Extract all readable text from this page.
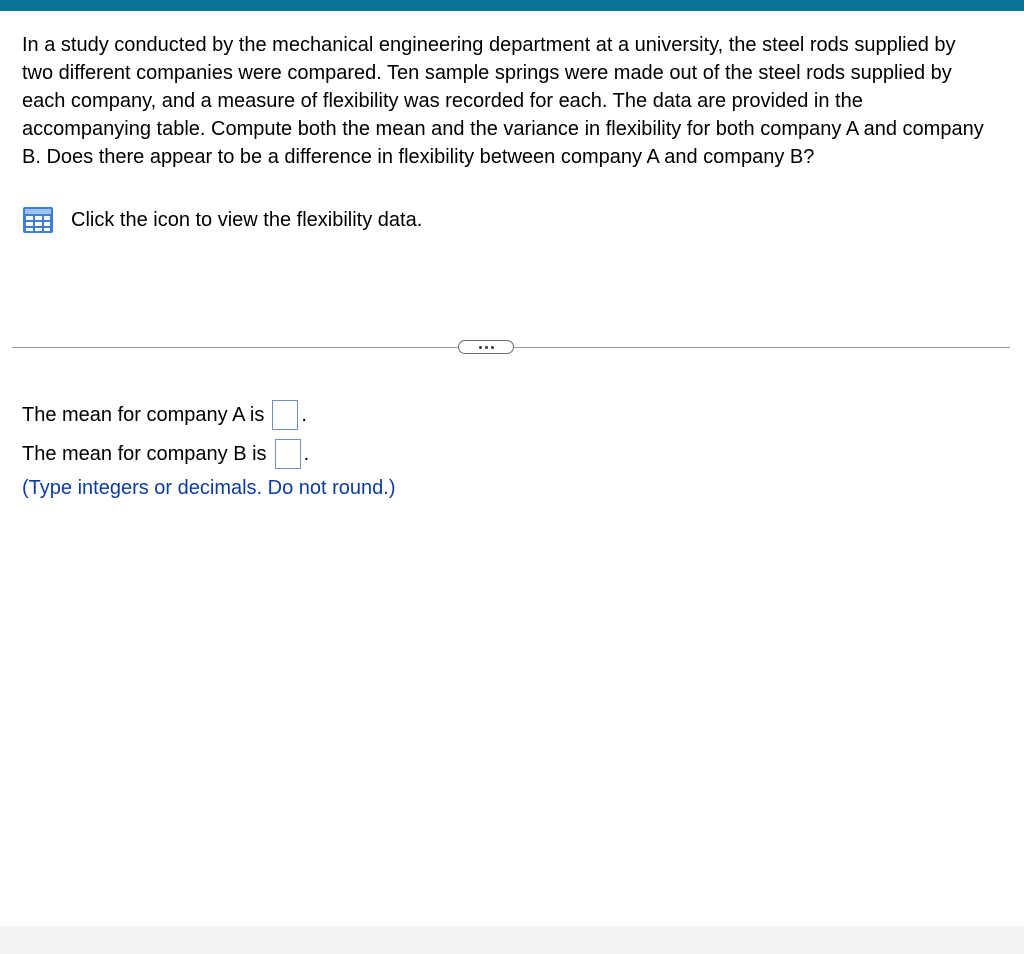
In a study conducted by the mechanical engineering department at a university, the steel rods supplied by two different companies were compared. Ten sample springs were made out of the steel rods supplied by each company, and a measure of flexibility was recorded for each. The data are provided in the accompanying table. Compute both the mean and the variance in flexibility for both company A and company B. Does there appear to be a difference in flexibility between company A and company B?

Click the icon to view the flexibility data.
The mean for company A is .
The mean for company B is .
(Type integers or decimals. Do not round.)
